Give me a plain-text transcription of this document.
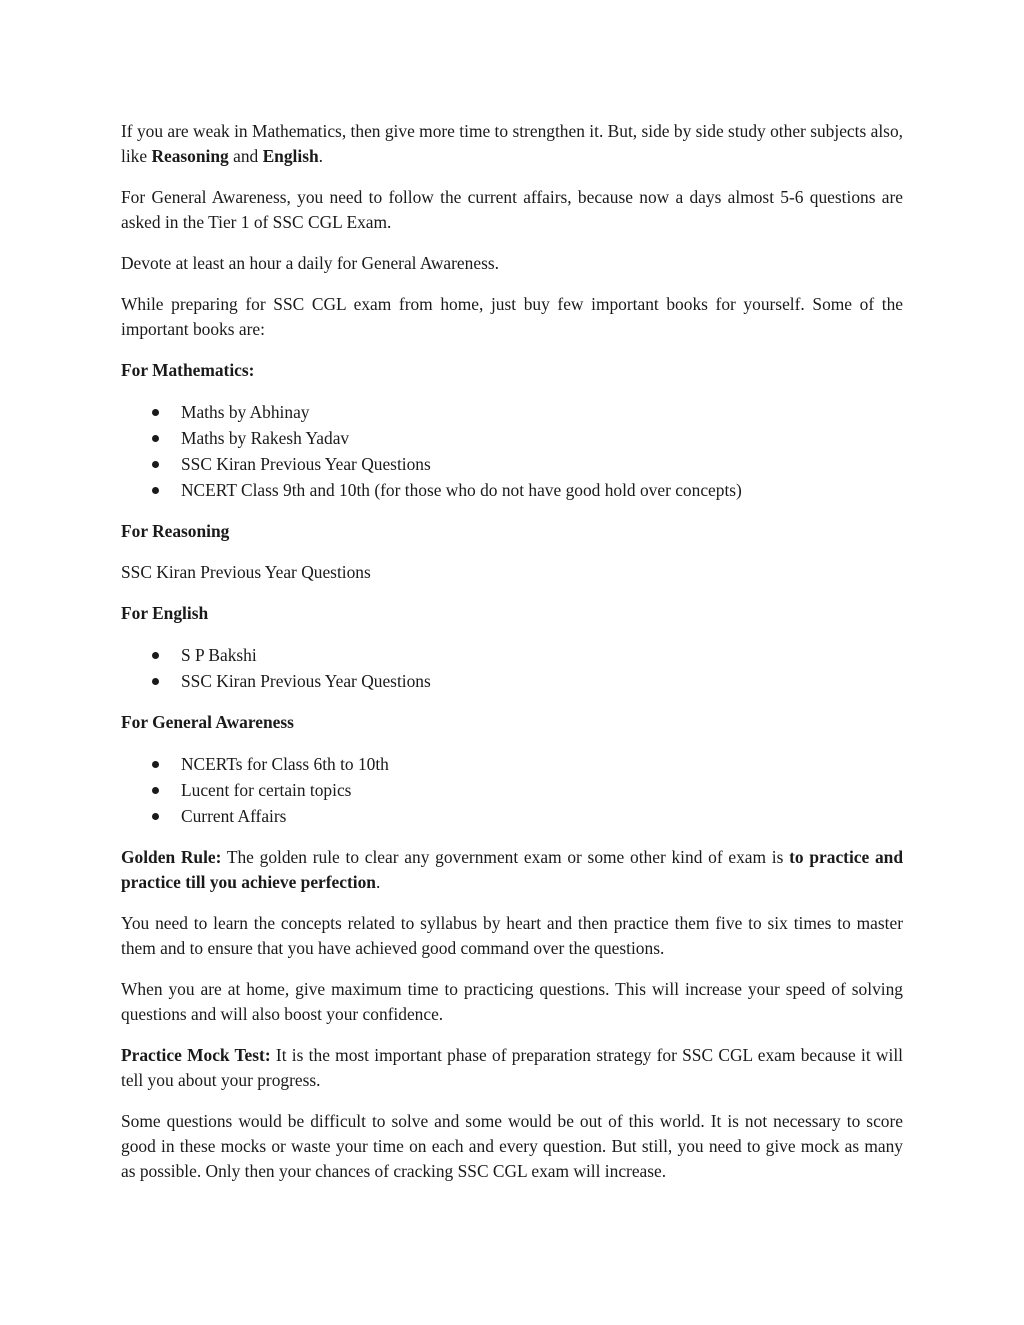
If you are weak in Mathematics, then give more time to strengthen it. But, side by side study other subjects also, like Reasoning and English.

For General Awareness, you need to follow the current affairs, because now a days almost 5-6 questions are asked in the Tier 1 of SSC CGL Exam.

Devote at least an hour a daily for General Awareness.

While preparing for SSC CGL exam from home, just buy few important books for yourself. Some of the important books are:

For Mathematics:
Maths by Abhinay
Maths by Rakesh Yadav
SSC Kiran Previous Year Questions
NCERT Class 9th and 10th (for those who do not have good hold over concepts)
For Reasoning

SSC Kiran Previous Year Questions

For English
S P Bakshi
SSC Kiran Previous Year Questions
For General Awareness
NCERTs for Class 6th to 10th
Lucent for certain topics
Current Affairs

Golden Rule: The golden rule to clear any government exam or some other kind of exam is to practice and practice till you achieve perfection.

You need to learn the concepts related to syllabus by heart and then practice them five to six times to master them and to ensure that you have achieved good command over the questions.

When you are at home, give maximum time to practicing questions. This will increase your speed of solving questions and will also boost your confidence.

Practice Mock Test: It is the most important phase of preparation strategy for SSC CGL exam because it will tell you about your progress.

Some questions would be difficult to solve and some would be out of this world. It is not necessary to score good in these mocks or waste your time on each and every question. But still, you need to give mock as many as possible. Only then your chances of cracking SSC CGL exam will increase.
